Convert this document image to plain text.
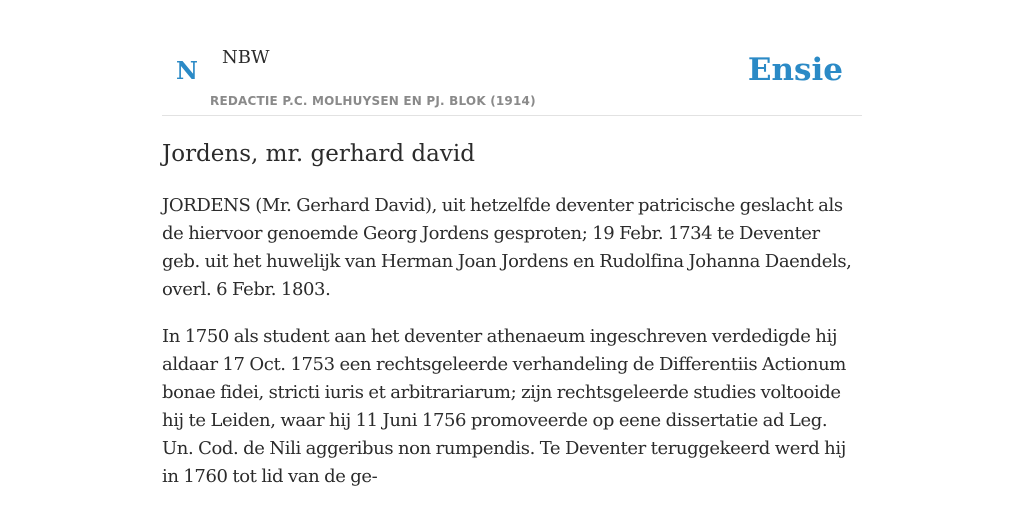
N NBW	Ensie
REDACTIE P.C. MOLHUYSEN EN PJ. BLOK (1914)
Jordens, mr. gerhard david

JORDENS (Mr. Gerhard David), uit hetzelfde deventer patricische geslacht als de hiervoor genoemde Georg Jordens gesproten; 19 Febr. 1734 te Deventer geb. uit het huwelijk van Herman Joan Jordens en Rudolfina Johanna Daendels, overl. 6 Febr. 1803.

In 1750 als student aan het deventer athenaeum ingeschreven verdedigde hij aldaar 17 Oct. 1753 een rechtsgeleerde verhandeling de Differentiis Actionum bonae fidei, stricti iuris et arbitrariarum; zijn rechtsgeleerde studies voltooide hij te Leiden, waar hij 11 Juni 1756 promoveerde op eene dissertatie ad Leg. Un. Cod. de Nili aggeribus non rumpendis. Te Deventer teruggekeerd werd hij in 1760 tot lid van de ge-
